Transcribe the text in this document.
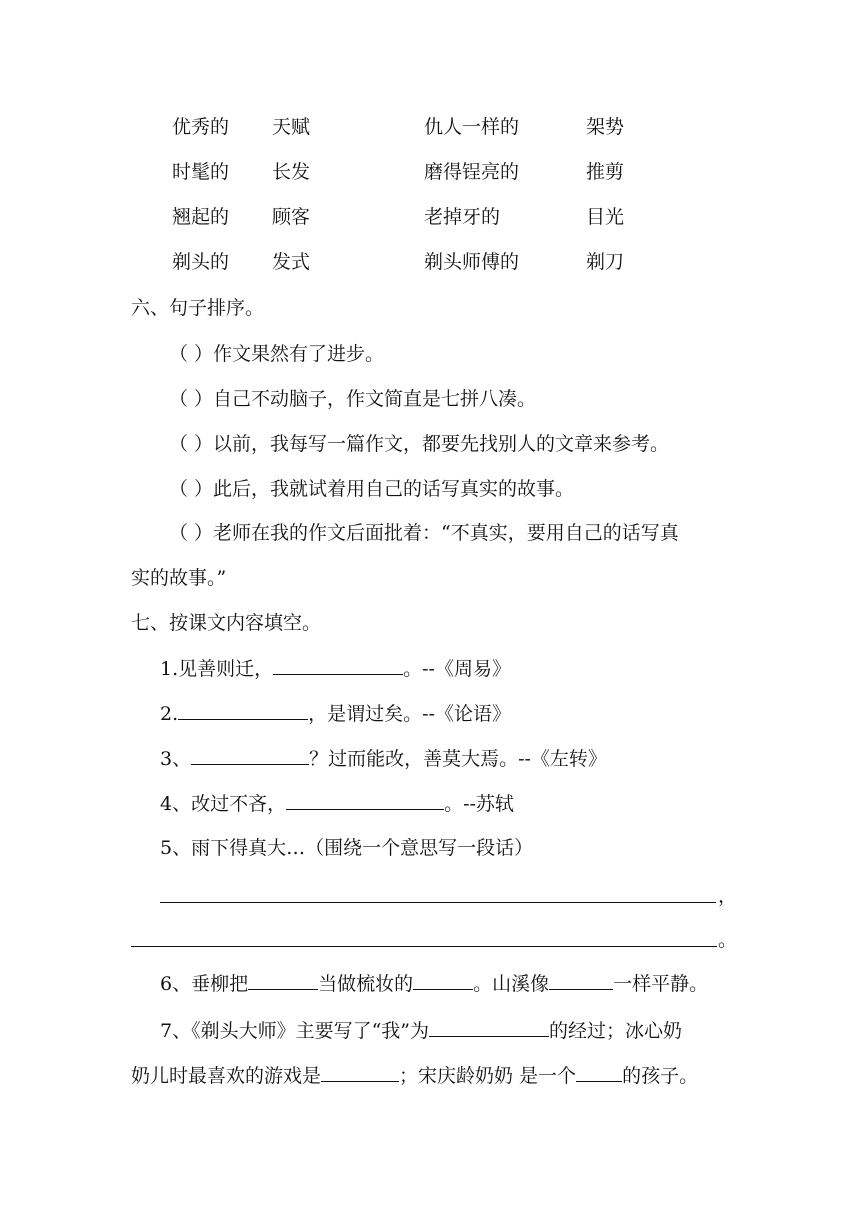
优秀的 天赋	仇人一样的	架势
时髦的 长发	磨得锃亮的	推剪
翘起的 顾客	老掉牙的	目光
剃头的 发式	剃头师傅的	剃刀
六、句子排序。
（ ）作文果然有了进步。
（ ）自己不动脑子，作文简直是七拼八凑。
（ ）以前，我每写一篇作文，都要先找别人的文章来参考。
（ ）此后，我就试着用自己的话写真实的故事。
（ ）老师在我的作文后面批着：“不真实，要用自己的话写真
实的故事。”
七、按课文内容填空。
1.见善则迁，	。--《周易》
2.	，是谓过矣。--《论语》
3、	？过而能改，善莫大焉。--《左转》
4、改过不吝，	。--苏轼
5、雨下得真大…（围绕一个意思写一段话）
，
。
6、垂柳把	当做梳妆的	。山溪像	一样平静。
7、《剃头大师》主要写了“我”为	的经过；冰心奶
奶儿时最喜欢的游戏是	；宋庆龄奶奶 是一个 的孩子。
